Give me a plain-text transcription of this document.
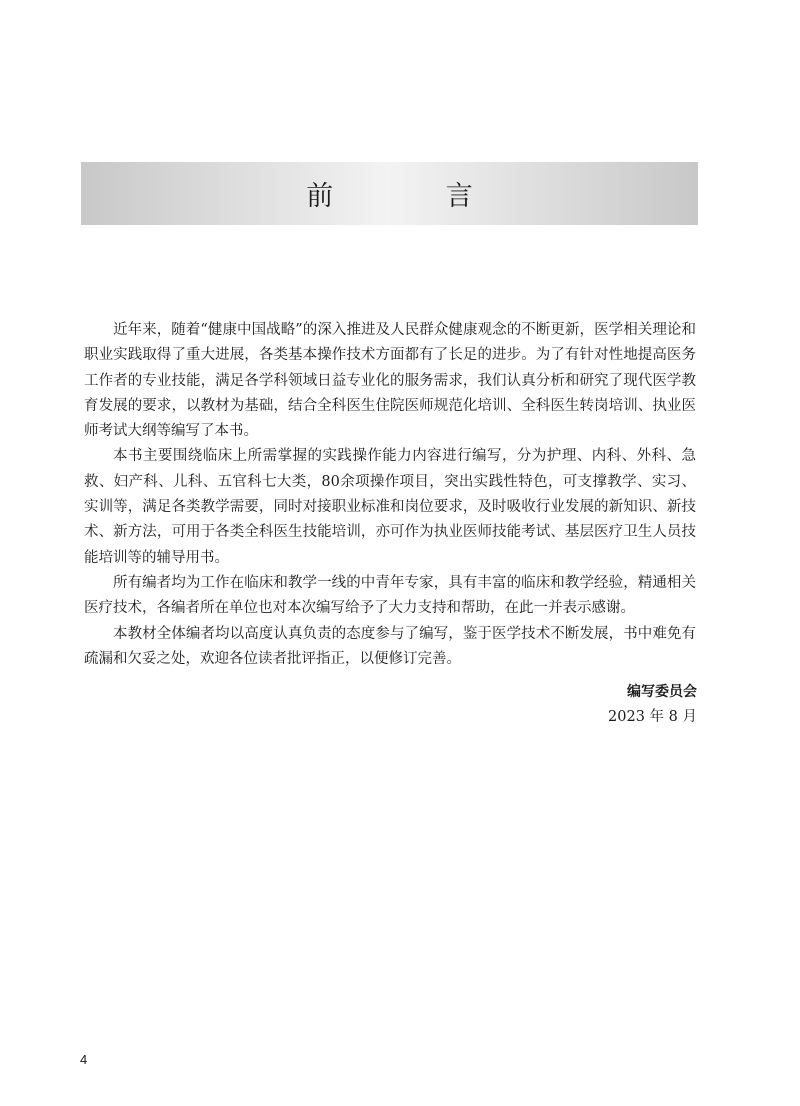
前 言

近年来，随着“健康中国战略”的深入推进及人民群众健康观念的不断更新，医学相关理论和职业实践取得了重大进展，各类基本操作技术方面都有了长足的进步。为了有针对性地提高医务工作者的专业技能，满足各学科领域日益专业化的服务需求，我们认真分析和研究了现代医学教育发展的要求，以教材为基础，结合全科医生住院医师规范化培训、全科医生转岗培训、执业医师考试大纲等编写了本书。

本书主要围绕临床上所需掌握的实践操作能力内容进行编写，分为护理、内科、外科、急救、妇产科、儿科、五官科七大类，80余项操作项目，突出实践性特色，可支撑教学、实习、实训等，满足各类教学需要，同时对接职业标准和岗位要求，及时吸收行业发展的新知识、新技术、新方法，可用于各类全科医生技能培训，亦可作为执业医师技能考试、基层医疗卫生人员技能培训等的辅导用书。

所有编者均为工作在临床和教学一线的中青年专家，具有丰富的临床和教学经验，精通相关医疗技术，各编者所在单位也对本次编写给予了大力支持和帮助，在此一并表示感谢。

本教材全体编者均以高度认真负责的态度参与了编写，鉴于医学技术不断发展，书中难免有疏漏和欠妥之处，欢迎各位读者批评指正，以便修订完善。

编写委员会
2023 年 8 月
4
